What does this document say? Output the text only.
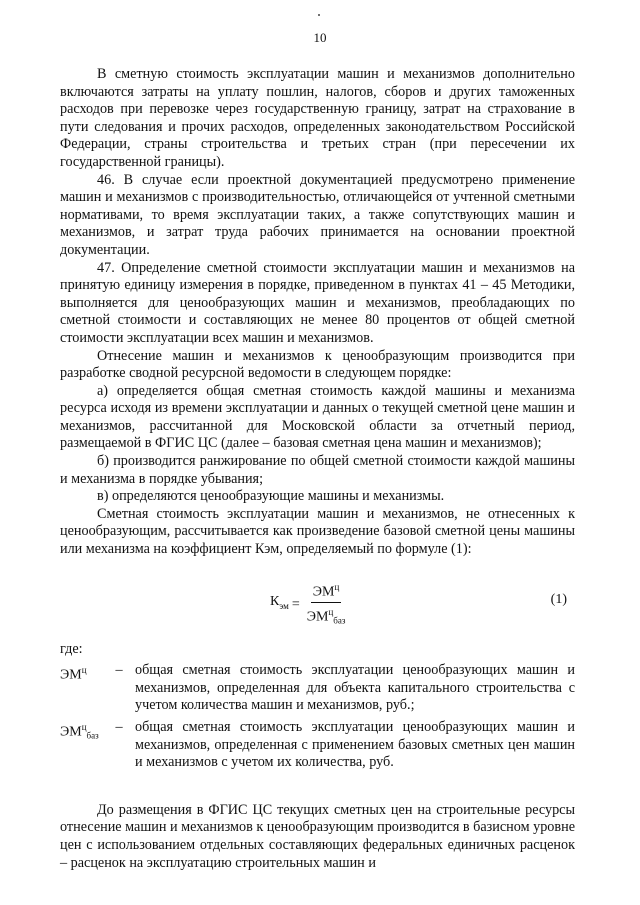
10

В сметную стоимость эксплуатации машин и механизмов дополнительно включаются затраты на уплату пошлин, налогов, сборов и других таможенных расходов при перевозке через государственную границу, затрат на страхование в пути следования и прочих расходов, определенных законодательством Российской Федерации, страны строительства и третьих стран (при пересечении их государственной границы).

46. В случае если проектной документацией предусмотрено применение машин и механизмов с производительностью, отличающейся от учтенной сметными нормативами, то время эксплуатации таких, а также сопутствующих машин и механизмов, и затрат труда рабочих принимается на основании проектной документации.

47. Определение сметной стоимости эксплуатации машин и механизмов на принятую единицу измерения в порядке, приведенном в пунктах 41 – 45 Методики, выполняется для ценообразующих машин и механизмов, преобладающих по сметной стоимости и составляющих не менее 80 процентов от общей сметной стоимости эксплуатации всех машин и механизмов.

Отнесение машин и механизмов к ценообразующим производится при разработке сводной ресурсной ведомости в следующем порядке:

а) определяется общая сметная стоимость каждой машины и механизма ресурса исходя из времени эксплуатации и данных о текущей сметной цене машин и механизмов, рассчитанной для Московской области за отчетный период, размещаемой в ФГИС ЦС (далее – базовая сметная цена машин и механизмов);

б) производится ранжирование по общей сметной стоимости каждой машины и механизма в порядке убывания;

в) определяются ценообразующие машины и механизмы.

Сметная стоимость эксплуатации машин и механизмов, не отнесенных к ценообразующим, рассчитывается как произведение базовой сметной цены машины или механизма на коэффициент Кэм, определяемый по формуле (1):

$К_{эм} = \frac{ЭМ^ц}{ЭМ^ц_{баз}}$	(1)
где:
$ЭМ^ц$	– общая сметная стоимость эксплуатации ценообразующих машин и механизмов, определенная для объекта капитального строительства с учетом количества машин и механизмов, руб.;
$ЭМ^ц_{баз}$
– общая сметная стоимость эксплуатации ценообразующих машин и механизмов, определенная с применением базовых сметных цен машин и механизмов с учетом их количества, руб.

До размещения в ФГИС ЦС текущих сметных цен на строительные ресурсы отнесение машин и механизмов к ценообразующим производится в базисном уровне цен с использованием отдельных составляющих федеральных единичных расценок – расценок на эксплуатацию строительных машин и
